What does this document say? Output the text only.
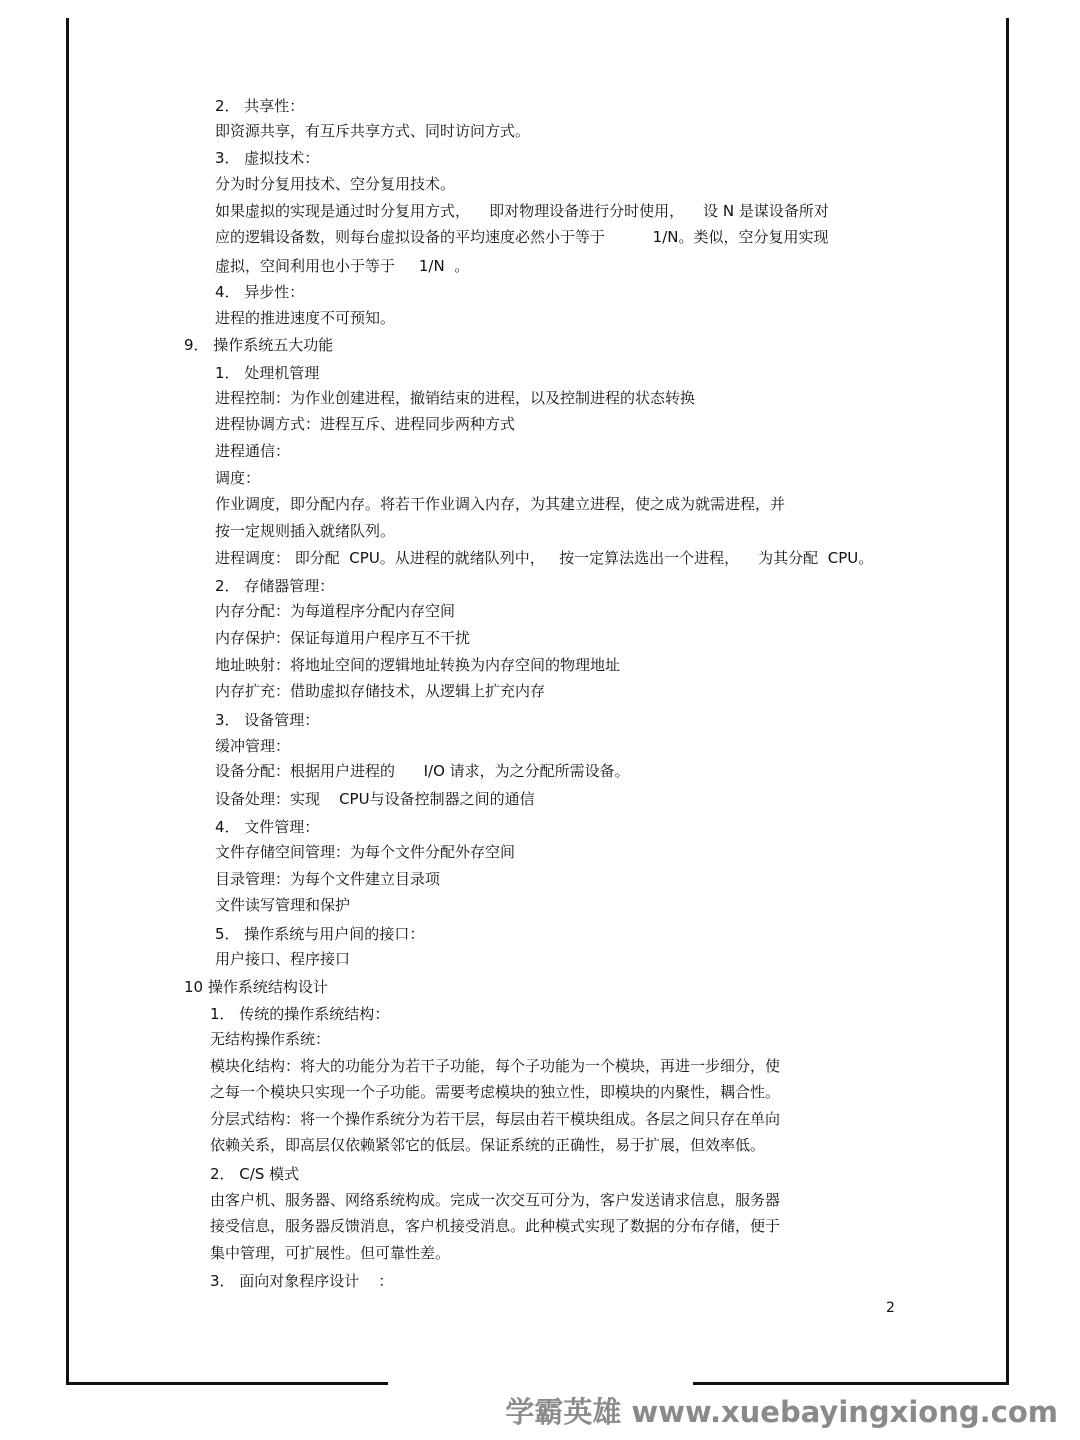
2． 共享性：
即资源共享，有互斥共享方式、同时访问方式。
3． 虚拟技术：
分为时分复用技术、空分复用技术。
如果虚拟的实现是通过时分复用方式，    即对物理设备进行分时使用，    设 N 是谋设备所对
应的逻辑设备数，则每台虚拟设备的平均速度必然小于等于          1/N。类似，空分复用实现
虚拟，空间利用也小于等于     1/N  。
4． 异步性：
进程的推进速度不可预知。
9． 操作系统五大功能
1． 处理机管理
进程控制：为作业创建进程，撤销结束的进程，以及控制进程的状态转换
进程协调方式：进程互斥、进程同步两种方式
进程通信：
调度：
作业调度，即分配内存。将若干作业调入内存，为其建立进程，使之成为就需进程，并
按一定规则插入就绪队列。
进程调度： 即分配  CPU。从进程的就绪队列中，   按一定算法选出一个进程，    为其分配  CPU。
2． 存储器管理：
内存分配：为每道程序分配内存空间
内存保护：保证每道用户程序互不干扰
地址映射：将地址空间的逻辑地址转换为内存空间的物理地址
内存扩充：借助虚拟存储技术，从逻辑上扩充内存
3． 设备管理：
缓冲管理：
设备分配：根据用户进程的      I/O 请求，为之分配所需设备。
设备处理：实现    CPU与设备控制器之间的通信
4． 文件管理：
文件存储空间管理：为每个文件分配外存空间
目录管理：为每个文件建立目录项
文件读写管理和保护
5． 操作系统与用户间的接口：
用户接口、程序接口
10 操作系统结构设计
1． 传统的操作系统结构：
无结构操作系统：
模块化结构：将大的功能分为若干子功能，每个子功能为一个模块，再进一步细分，使
之每一个模块只实现一个子功能。需要考虑模块的独立性，即模块的内聚性，耦合性。
分层式结构：将一个操作系统分为若干层，每层由若干模块组成。各层之间只存在单向
依赖关系，即高层仅依赖紧邻它的低层。保证系统的正确性，易于扩展，但效率低。
2． C/S 模式
由客户机、服务器、网络系统构成。完成一次交互可分为，客户发送请求信息，服务器
接受信息，服务器反馈消息，客户机接受消息。此种模式实现了数据的分布存储，便于
集中管理，可扩展性。但可靠性差。
3． 面向对象程序设计    ：
2
学霸英雄 www.xuebayingxiong.com
